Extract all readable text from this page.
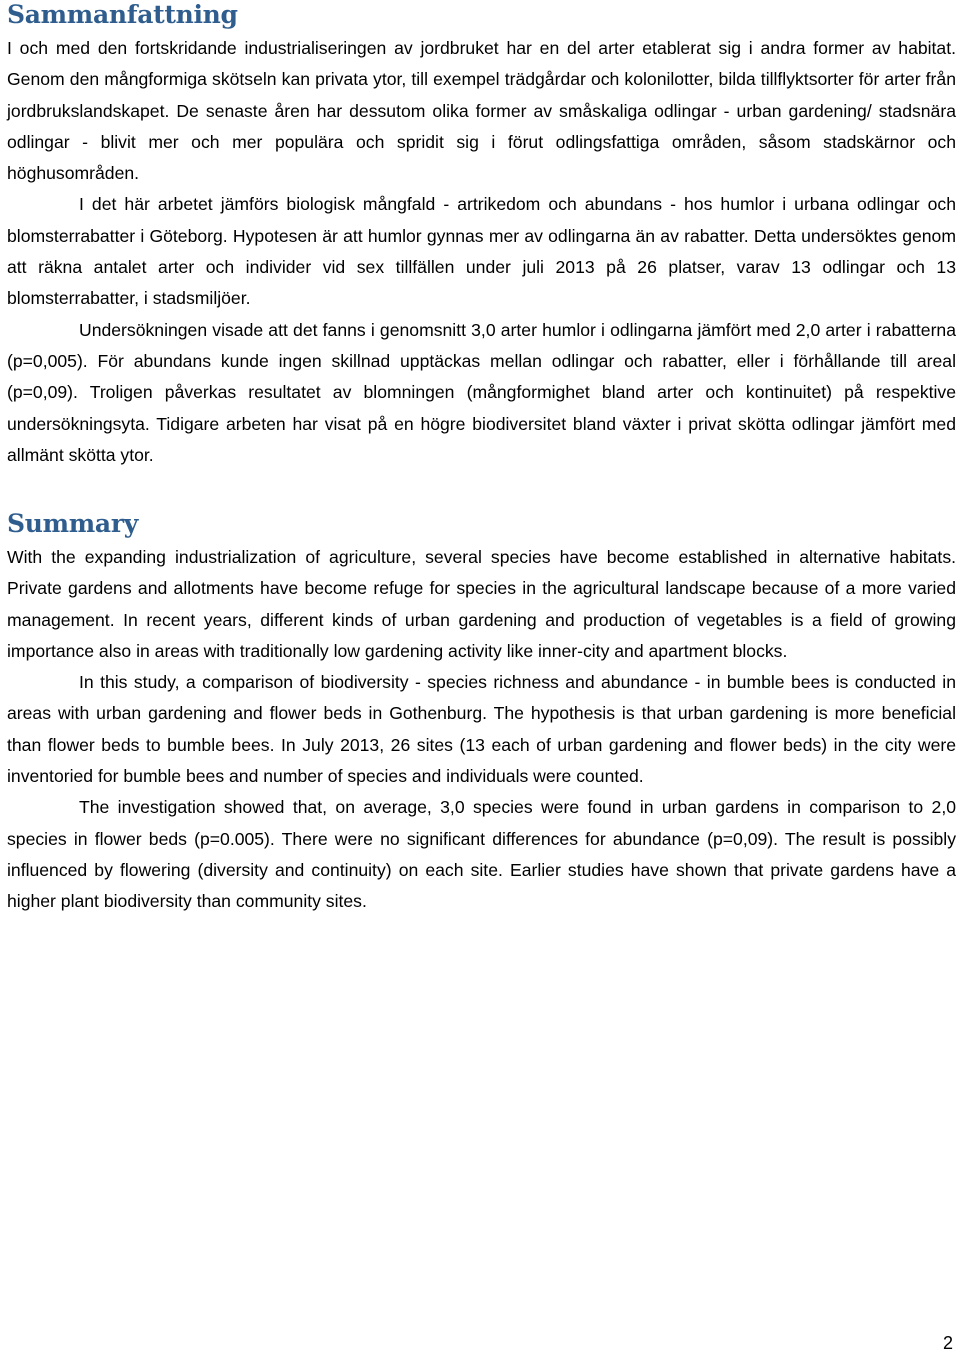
Sammanfattning

I och med den fortskridande industrialiseringen av jordbruket har en del arter etablerat sig i andra former av habitat. Genom den mångformiga skötseln kan privata ytor, till exempel trädgårdar och kolonilotter, bilda tillflyktsorter för arter från jordbrukslandskapet. De senaste åren har dessutom olika former av småskaliga odlingar - urban gardening/ stadsnära odlingar - blivit mer och mer populära och spridit sig i förut odlingsfattiga områden, såsom stadskärnor och höghusområden.

I det här arbetet jämförs biologisk mångfald - artrikedom och abundans - hos humlor i urbana odlingar och blomsterrabatter i Göteborg. Hypotesen är att humlor gynnas mer av odlingarna än av rabatter. Detta undersöktes genom att räkna antalet arter och individer vid sex tillfällen under juli 2013 på 26 platser, varav 13 odlingar och 13 blomsterrabatter, i stadsmiljöer.

Undersökningen visade att det fanns i genomsnitt 3,0 arter humlor i odlingarna jämfört med 2,0 arter i rabatterna (p=0,005). För abundans kunde ingen skillnad upptäckas mellan odlingar och rabatter, eller i förhållande till areal (p=0,09). Troligen påverkas resultatet av blomningen (mångformighet bland arter och kontinuitet) på respektive undersökningsyta. Tidigare arbeten har visat på en högre biodiversitet bland växter i privat skötta odlingar jämfört med allmänt skötta ytor.

Summary

With the expanding industrialization of agriculture, several species have become established in alternative habitats. Private gardens and allotments have become refuge for species in the agricultural landscape because of a more varied management. In recent years, different kinds of urban gardening and production of vegetables is a field of growing importance also in areas with traditionally low gardening activity like inner-city and apartment blocks.

In this study, a comparison of biodiversity - species richness and abundance - in bumble bees is conducted in areas with urban gardening and flower beds in Gothenburg. The hypothesis is that urban gardening is more beneficial than flower beds to bumble bees. In July 2013, 26 sites (13 each of urban gardening and flower beds) in the city were inventoried for bumble bees and number of species and individuals were counted.

The investigation showed that, on average, 3,0 species were found in urban gardens in comparison to 2,0 species in flower beds (p=0.005). There were no significant differences for abundance (p=0,09). The result is possibly influenced by flowering (diversity and continuity) on each site. Earlier studies have shown that private gardens have a higher plant biodiversity than community sites.

2
